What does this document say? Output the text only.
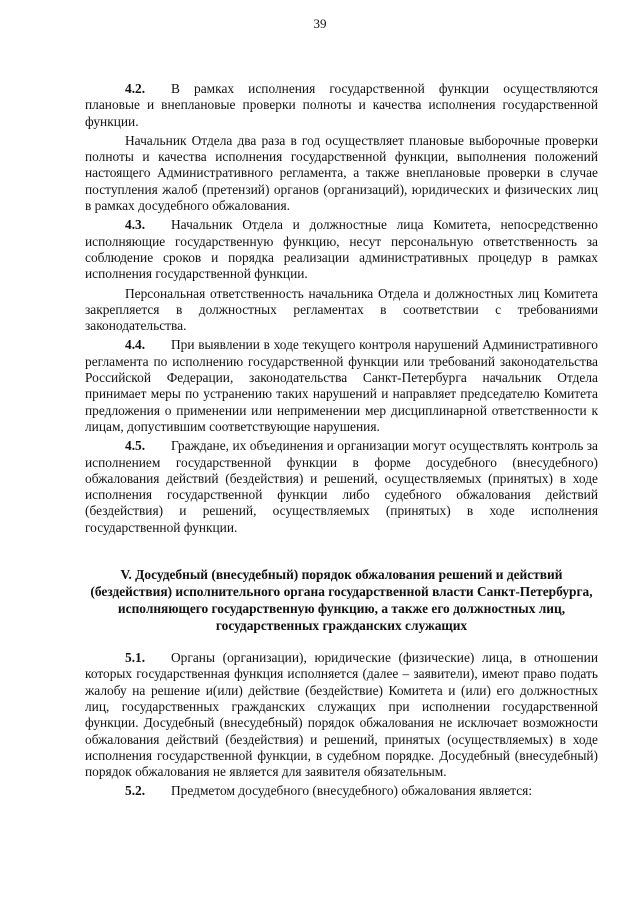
39

4.2. В рамках исполнения государственной функции осуществляются плановые и внеплановые проверки полноты и качества исполнения государственной функции.

Начальник Отдела два раза в год осуществляет плановые выборочные проверки полноты и качества исполнения государственной функции, выполнения положений настоящего Административного регламента, а также внеплановые проверки в случае поступления жалоб (претензий) органов (организаций), юридических и физических лиц в рамках досудебного обжалования.

4.3. Начальник Отдела и должностные лица Комитета, непосредственно исполняющие государственную функцию, несут персональную ответственность за соблюдение сроков и порядка реализации административных процедур в рамках исполнения государственной функции.

Персональная ответственность начальника Отдела и должностных лиц Комитета закрепляется в должностных регламентах в соответствии с требованиями законодательства.

4.4. При выявлении в ходе текущего контроля нарушений Административного регламента по исполнению государственной функции или требований законодательства Российской Федерации, законодательства Санкт-Петербурга начальник Отдела принимает меры по устранению таких нарушений и направляет председателю Комитета предложения о применении или неприменении мер дисциплинарной ответственности к лицам, допустившим соответствующие нарушения.

4.5. Граждане, их объединения и организации могут осуществлять контроль за исполнением государственной функции в форме досудебного (внесудебного) обжалования действий (бездействия) и решений, осуществляемых (принятых) в ходе исполнения государственной функции либо судебного обжалования действий (бездействия) и решений, осуществляемых (принятых) в ходе исполнения государственной функции.

V. Досудебный (внесудебный) порядок обжалования решений и действий (бездействия) исполнительного органа государственной власти Санкт-Петербурга, исполняющего государственную функцию, а также его должностных лиц, государственных гражданских служащих

5.1. Органы (организации), юридические (физические) лица, в отношении которых государственная функция исполняется (далее – заявители), имеют право подать жалобу на решение и(или) действие (бездействие) Комитета и (или) его должностных лиц, государственных гражданских служащих при исполнении государственной функции. Досудебный (внесудебный) порядок обжалования не исключает возможности обжалования действий (бездействия) и решений, принятых (осуществляемых) в ходе исполнения государственной функции, в судебном порядке. Досудебный (внесудебный) порядок обжалования не является для заявителя обязательным.

5.2. Предметом досудебного (внесудебного) обжалования является:
